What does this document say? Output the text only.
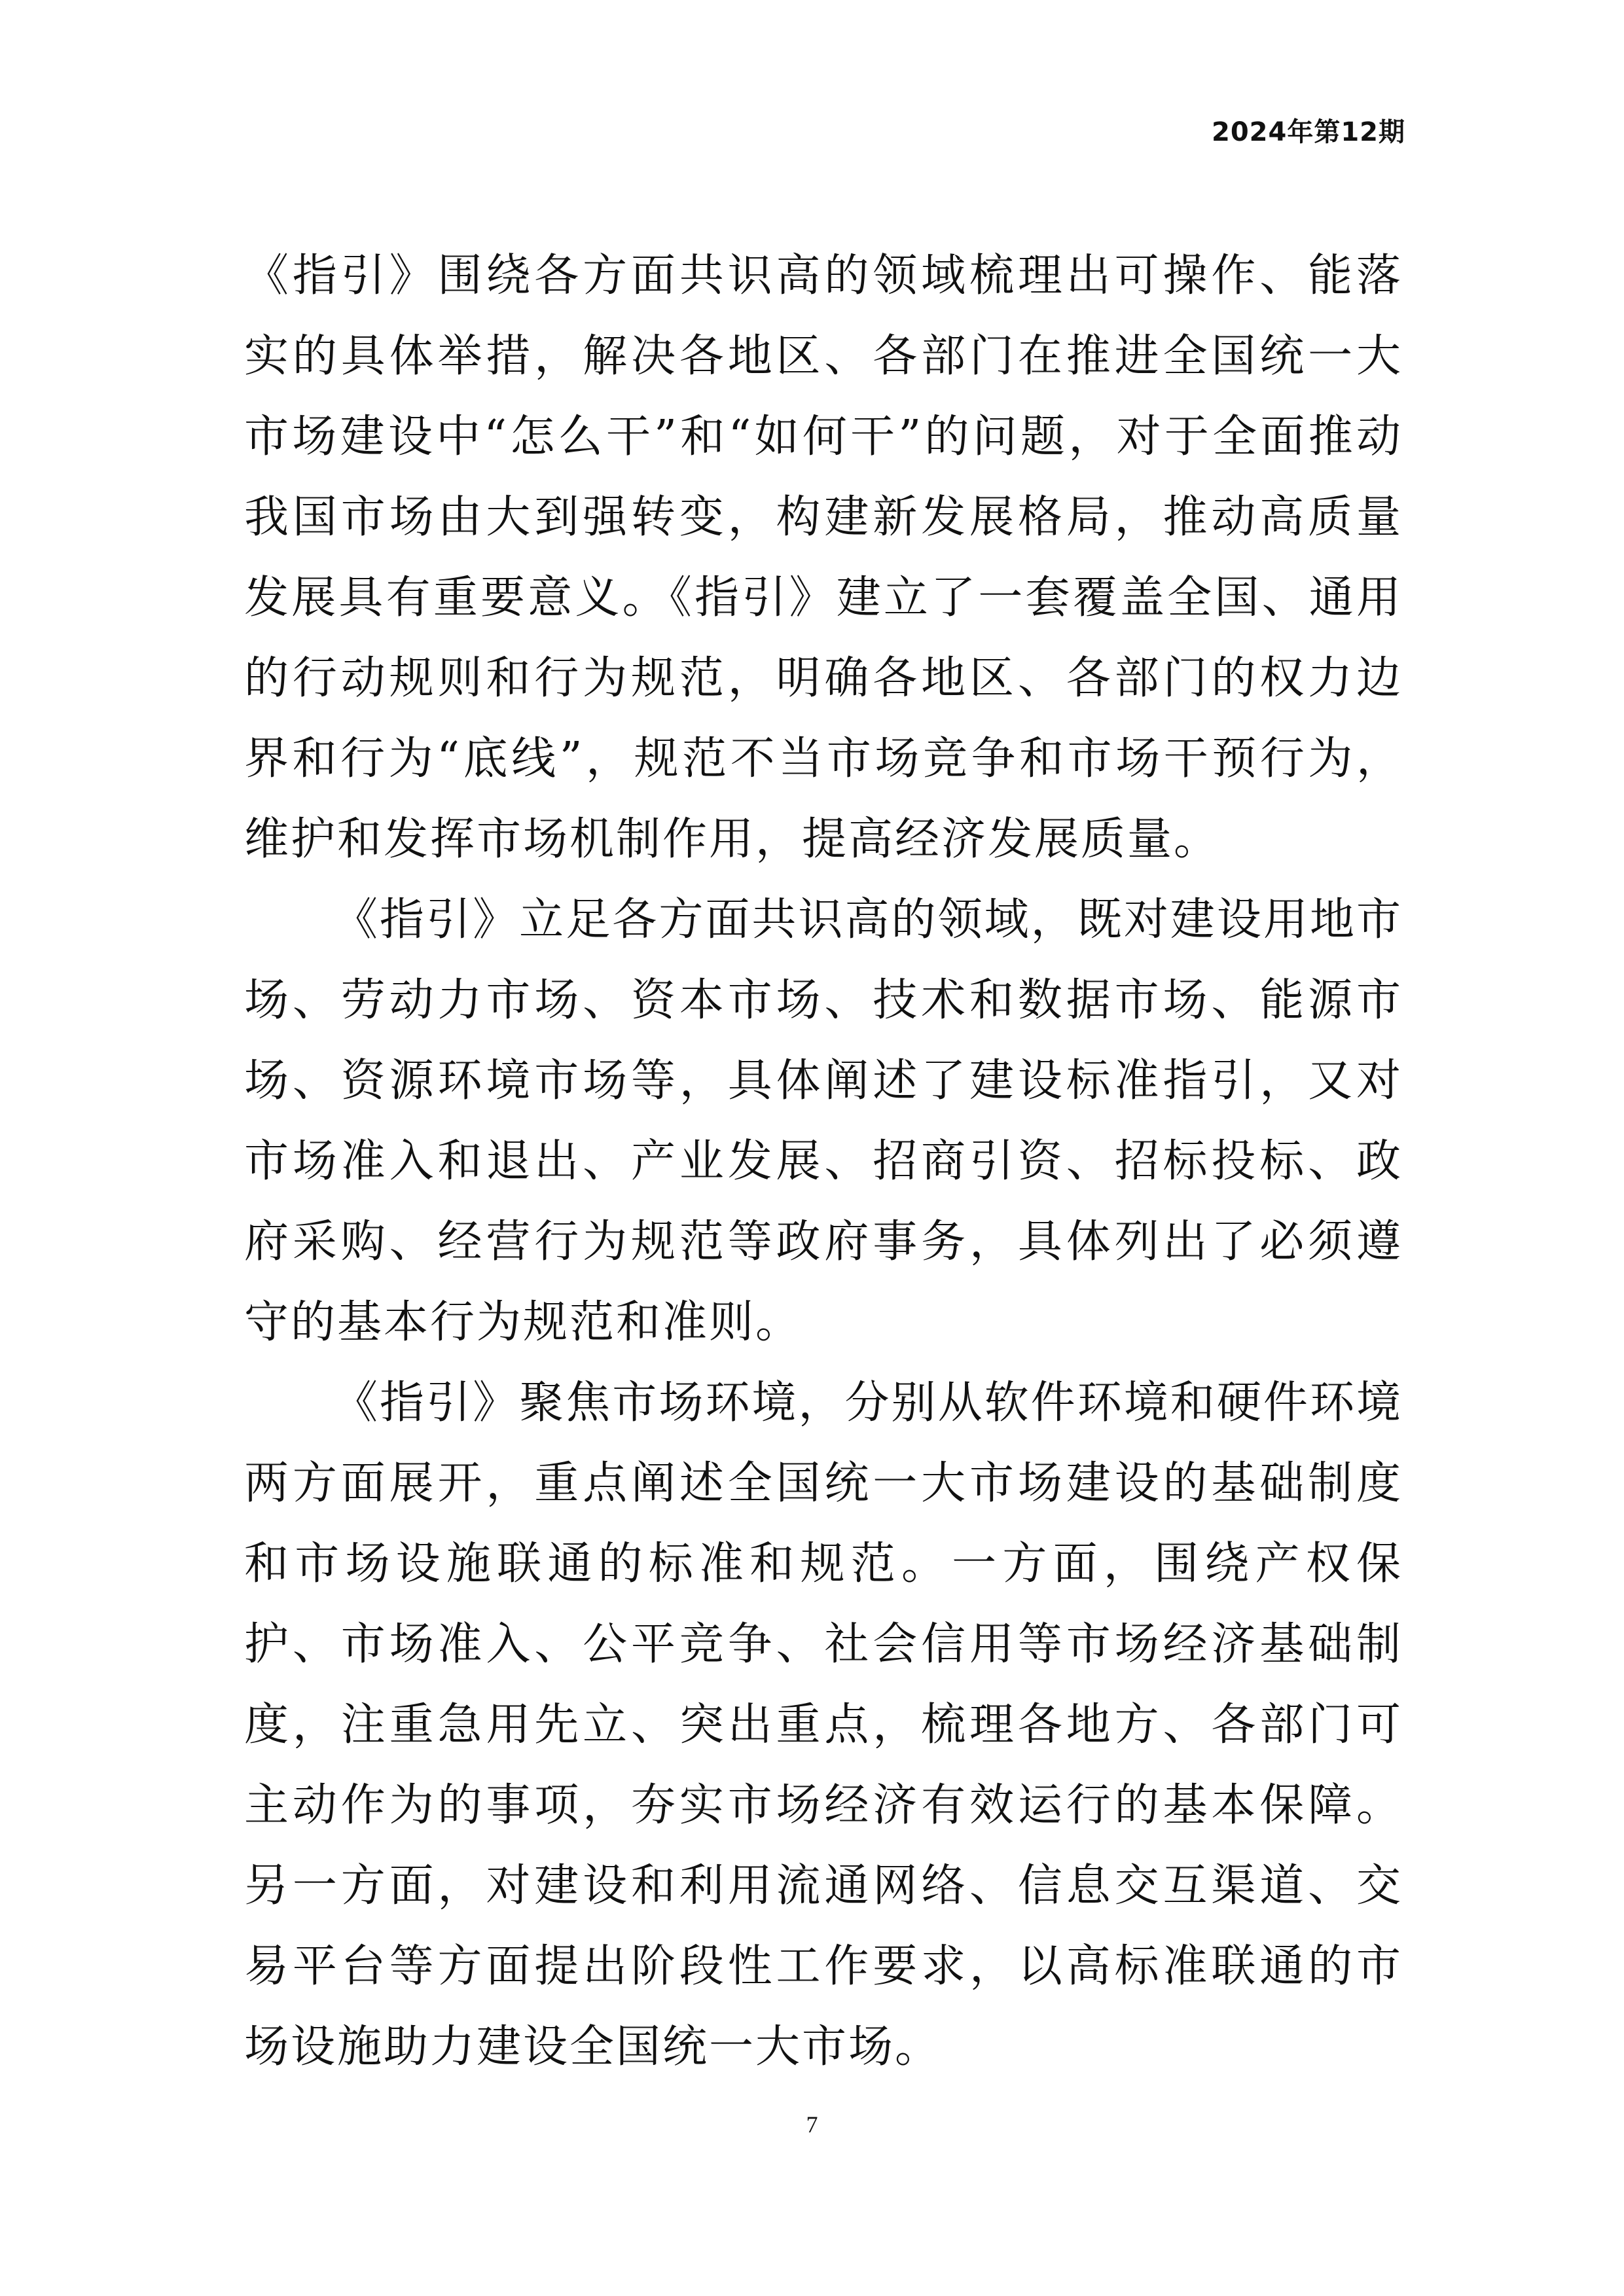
2024年第12期

《指引》围绕各方面共识高的领域梳理出可操作、能落实的具体举措，解决各地区、各部门在推进全国统一大市场建设中“怎么干”和“如何干”的问题，对于全面推动我国市场由大到强转变，构建新发展格局，推动高质量发展具有重要意义。《指引》建立了一套覆盖全国、通用的行动规则和行为规范，明确各地区、各部门的权力边界和行为“底线”，规范不当市场竞争和市场干预行为，维护和发挥市场机制作用，提高经济发展质量。

《指引》立足各方面共识高的领域，既对建设用地市场、劳动力市场、资本市场、技术和数据市场、能源市场、资源环境市场等，具体阐述了建设标准指引，又对市场准入和退出、产业发展、招商引资、招标投标、政府采购、经营行为规范等政府事务，具体列出了必须遵守的基本行为规范和准则。

《指引》聚焦市场环境，分别从软件环境和硬件环境两方面展开，重点阐述全国统一大市场建设的基础制度和市场设施联通的标准和规范。一方面，围绕产权保护、市场准入、公平竞争、社会信用等市场经济基础制度，注重急用先立、突出重点，梳理各地方、各部门可主动作为的事项，夯实市场经济有效运行的基本保障。另一方面，对建设和利用流通网络、信息交互渠道、交易平台等方面提出阶段性工作要求，以高标准联通的市场设施助力建设全国统一大市场。

7
